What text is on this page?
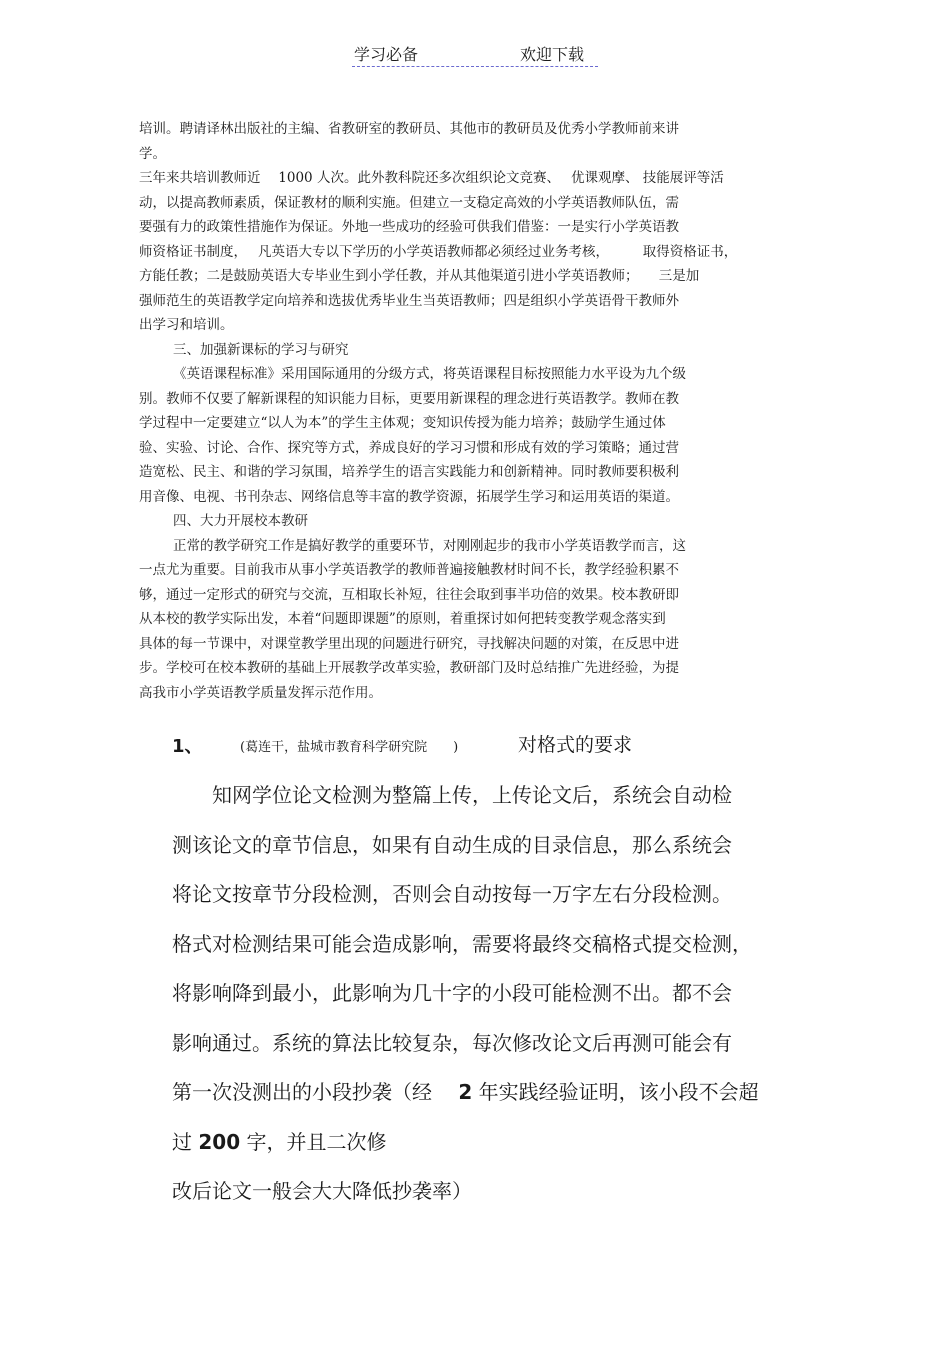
学习必备	欢迎下载

培训。聘请译林出版社的主编、省教研室的教研员、其他市的教研员及优秀小学教师前来讲

学。

三年来共培训教师近　 1000 人次。此外教科院还多次组织论文竞赛、　 优课观摩、 技能展评等活

动，以提高教师素质，保证教材的顺利实施。但建立一支稳定高效的小学英语教师队伍，需

要强有力的政策性措施作为保证。外地一些成功的经验可供我们借鉴：一是实行小学英语教

师资格证书制度，　 凡英语大专以下学历的小学英语教师都必须经过业务考核，　　　取得资格证书，

方能任教；二是鼓励英语大专毕业生到小学任教，并从其他渠道引进小学英语教师；　　三是加

强师范生的英语教学定向培养和选拔优秀毕业生当英语教师；四是组织小学英语骨干教师外

出学习和培训。

三、加强新课标的学习与研究

《英语课程标准》采用国际通用的分级方式，将英语课程目标按照能力水平设为九个级

别。教师不仅要了解新课程的知识能力目标，更要用新课程的理念进行英语教学。教师在教

学过程中一定要建立“以人为本”的学生主体观；变知识传授为能力培养；鼓励学生通过体

验、实验、讨论、合作、探究等方式，养成良好的学习习惯和形成有效的学习策略；通过营

造宽松、民主、和谐的学习氛围，培养学生的语言实践能力和创新精神。同时教师要积极利

用音像、电视、书刊杂志、网络信息等丰富的教学资源，拓展学生学习和运用英语的渠道。

四、大力开展校本教研

正常的教学研究工作是搞好教学的重要环节，对刚刚起步的我市小学英语教学而言，这

一点尤为重要。目前我市从事小学英语教学的教师普遍接触教材时间不长，教学经验积累不

够，通过一定形式的研究与交流，互相取长补短，往往会取到事半功倍的效果。校本教研即

从本校的教学实际出发，本着“问题即课题”的原则，着重探讨如何把转变教学观念落实到

具体的每一节课中，对课堂教学里出现的问题进行研究，寻找解决问题的对策，在反思中进

步。学校可在校本教研的基础上开展教学改革实验，教研部门及时总结推广先进经验，为提

高我市小学英语教学质量发挥示范作用。

1、	(葛连干，盐城市教育科学研究院　　)	对格式的要求

　　知网学位论文检测为整篇上传，上传论文后，系统会自动检

测该论文的章节信息，如果有自动生成的目录信息，那么系统会

将论文按章节分段检测，否则会自动按每一万字左右分段检测。

格式对检测结果可能会造成影响，需要将最终交稿格式提交检测，

将影响降到最小，此影响为几十字的小段可能检测不出。都不会

影响通过。系统的算法比较复杂，每次修改论文后再测可能会有

第一次没测出的小段抄袭（经　 2 年实践经验证明，该小段不会超

过 200 字，并且二次修

改后论文一般会大大降低抄袭率）
